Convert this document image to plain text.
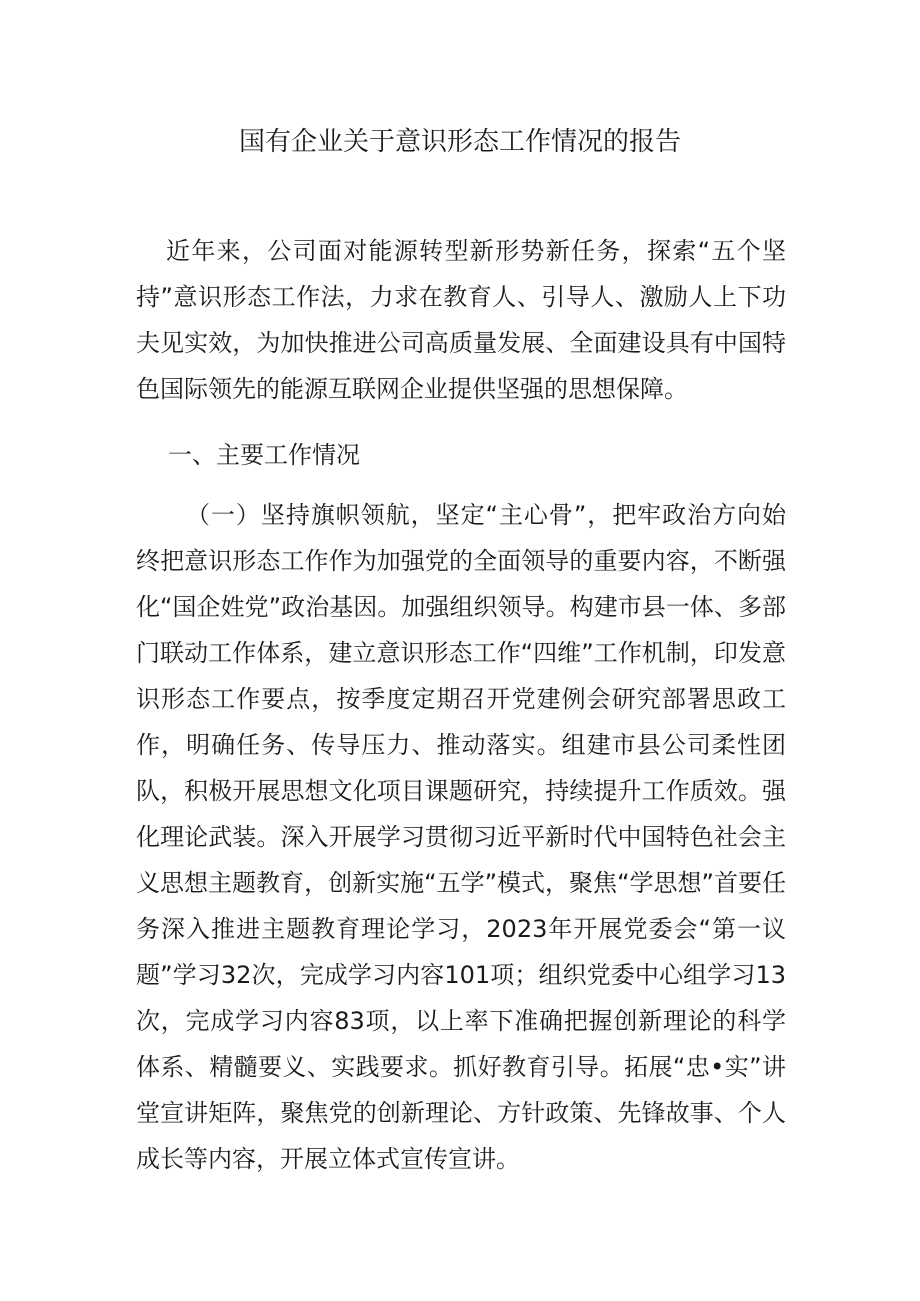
国有企业关于意识形态工作情况的报告

近年来，公司面对能源转型新形势新任务，探索“五个坚持”意识形态工作法，力求在教育人、引导人、激励人上下功夫见实效，为加快推进公司高质量发展、全面建设具有中国特色国际领先的能源互联网企业提供坚强的思想保障。

一、主要工作情况

（一）坚持旗帜领航，坚定“主心骨”，把牢政治方向始终把意识形态工作作为加强党的全面领导的重要内容，不断强化“国企姓党”政治基因。加强组织领导。构建市县一体、多部门联动工作体系，建立意识形态工作“四维”工作机制，印发意识形态工作要点，按季度定期召开党建例会研究部署思政工作，明确任务、传导压力、推动落实。组建市县公司柔性团队，积极开展思想文化项目课题研究，持续提升工作质效。强化理论武装。深入开展学习贯彻习近平新时代中国特色社会主义思想主题教育，创新实施“五学”模式，聚焦“学思想”首要任务深入推进主题教育理论学习，2023年开展党委会“第一议题”学习32次，完成学习内容101项；组织党委中心组学习13次，完成学习内容83项，以上率下准确把握创新理论的科学体系、精髓要义、实践要求。抓好教育引导。拓展“忠•实”讲堂宣讲矩阵，聚焦党的创新理论、方针政策、先锋故事、个人成长等内容，开展立体式宣传宣讲。
